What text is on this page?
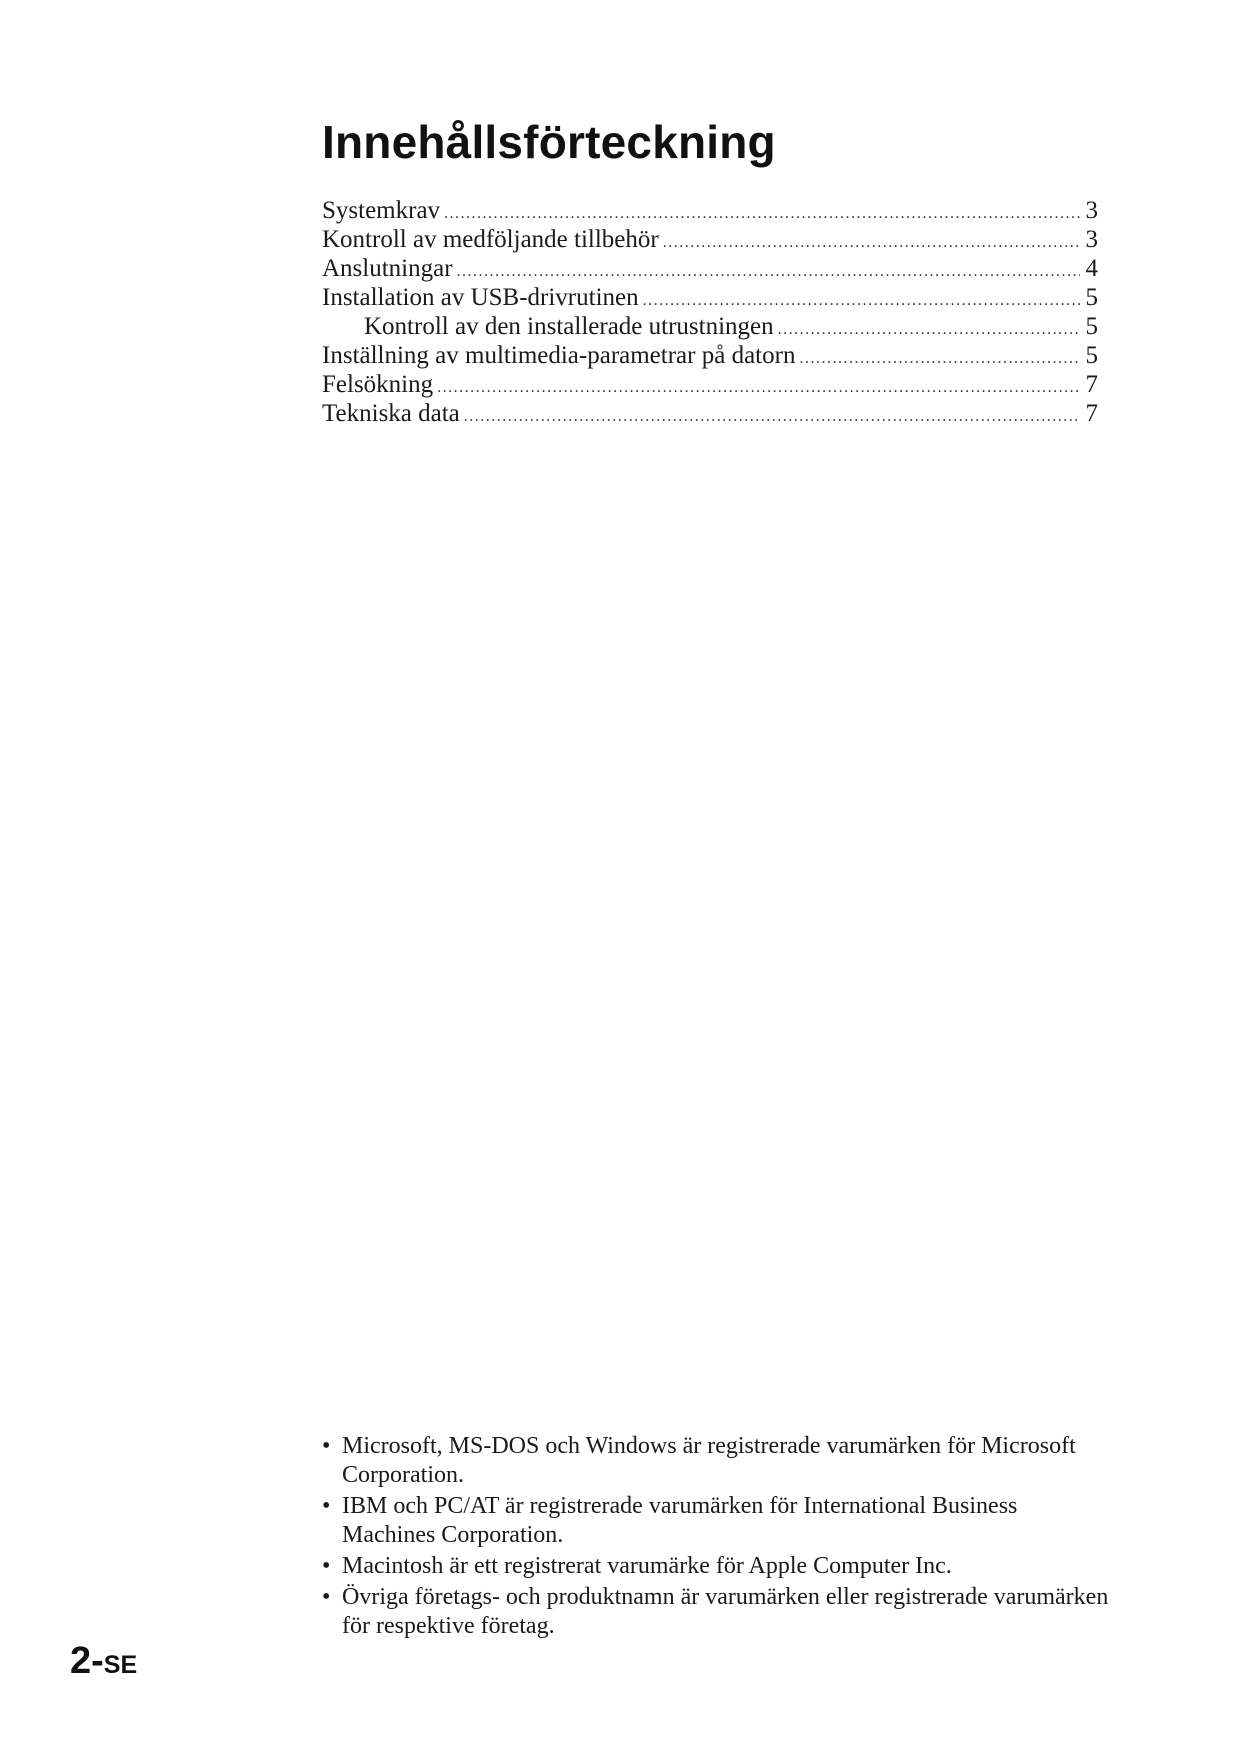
Innehållsförteckning
Systemkrav .....	3
Kontroll av medföljande tillbehör .....	3
Anslutningar .....	4
Installation av USB-drivrutinen .....	5
Kontroll av den installerade utrustningen .....	5
Inställning av multimedia-parametrar på datorn .....	5
Felsökning .....	7
Tekniska data .....	7
• Microsoft, MS-DOS och Windows är registrerade varumärken för Microsoft Corporation.
• IBM och PC/AT är registrerade varumärken för International Business Machines Corporation.
• Macintosh är ett registrerat varumärke för Apple Computer Inc.
• Övriga företags- och produktnamn är varumärken eller registrerade varumärken för respektive företag.
2-SE
